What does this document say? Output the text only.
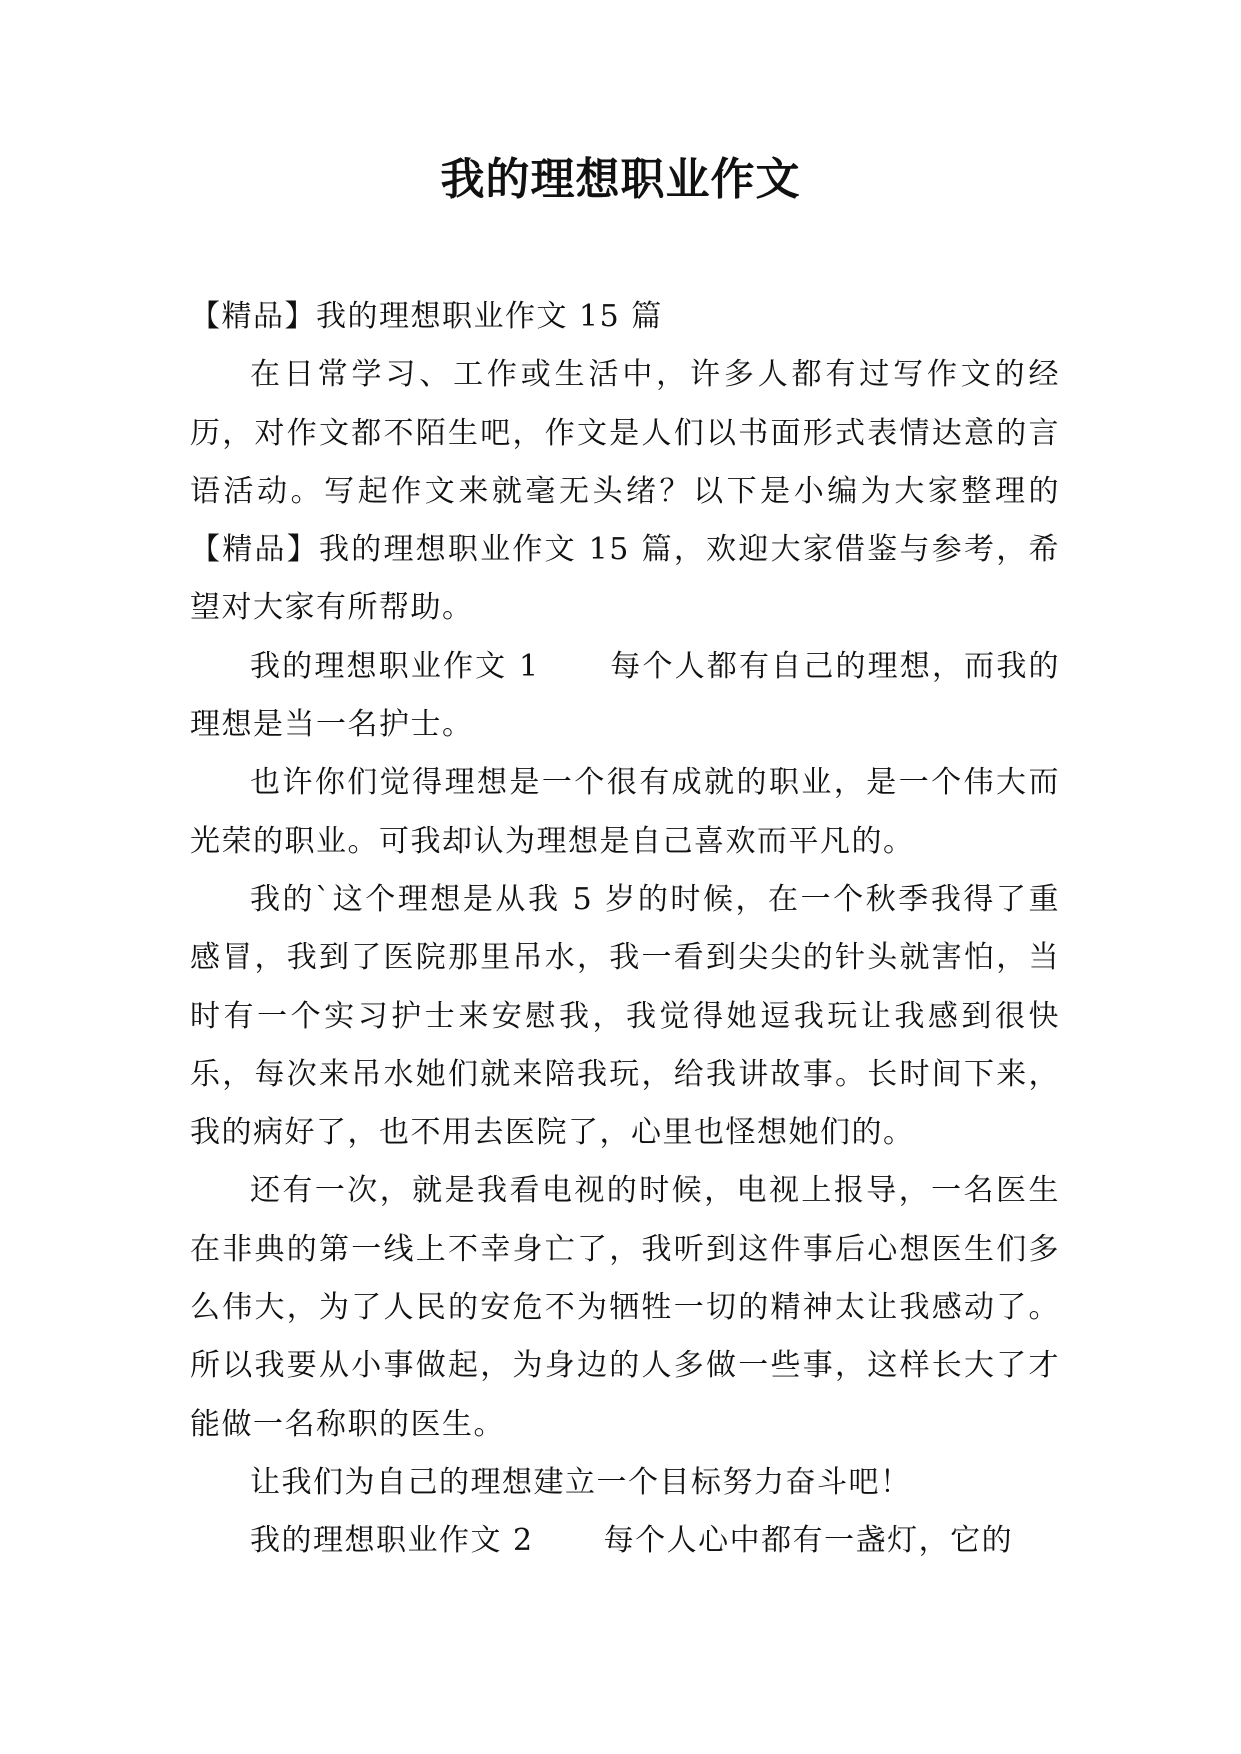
我的理想职业作文

【精品】我的理想职业作文 15 篇

在日常学习、工作或生活中，许多人都有过写作文的经历，对作文都不陌生吧，作文是人们以书面形式表情达意的言语活动。写起作文来就毫无头绪？以下是小编为大家整理的【精品】我的理想职业作文 15 篇，欢迎大家借鉴与参考，希望对大家有所帮助。

我的理想职业作文 1 每个人都有自己的理想，而我的理想是当一名护士。

也许你们觉得理想是一个很有成就的职业，是一个伟大而光荣的职业。可我却认为理想是自己喜欢而平凡的。

我的`这个理想是从我 5 岁的时候，在一个秋季我得了重感冒，我到了医院那里吊水，我一看到尖尖的针头就害怕，当时有一个实习护士来安慰我，我觉得她逗我玩让我感到很快乐，每次来吊水她们就来陪我玩，给我讲故事。长时间下来，我的病好了，也不用去医院了，心里也怪想她们的。

还有一次，就是我看电视的时候，电视上报导，一名医生在非典的第一线上不幸身亡了，我听到这件事后心想医生们多么伟大，为了人民的安危不为牺牲一切的精神太让我感动了。所以我要从小事做起，为身边的人多做一些事，这样长大了才能做一名称职的医生。

让我们为自己的理想建立一个目标努力奋斗吧！

我的理想职业作文 2 每个人心中都有一盏灯，它的
